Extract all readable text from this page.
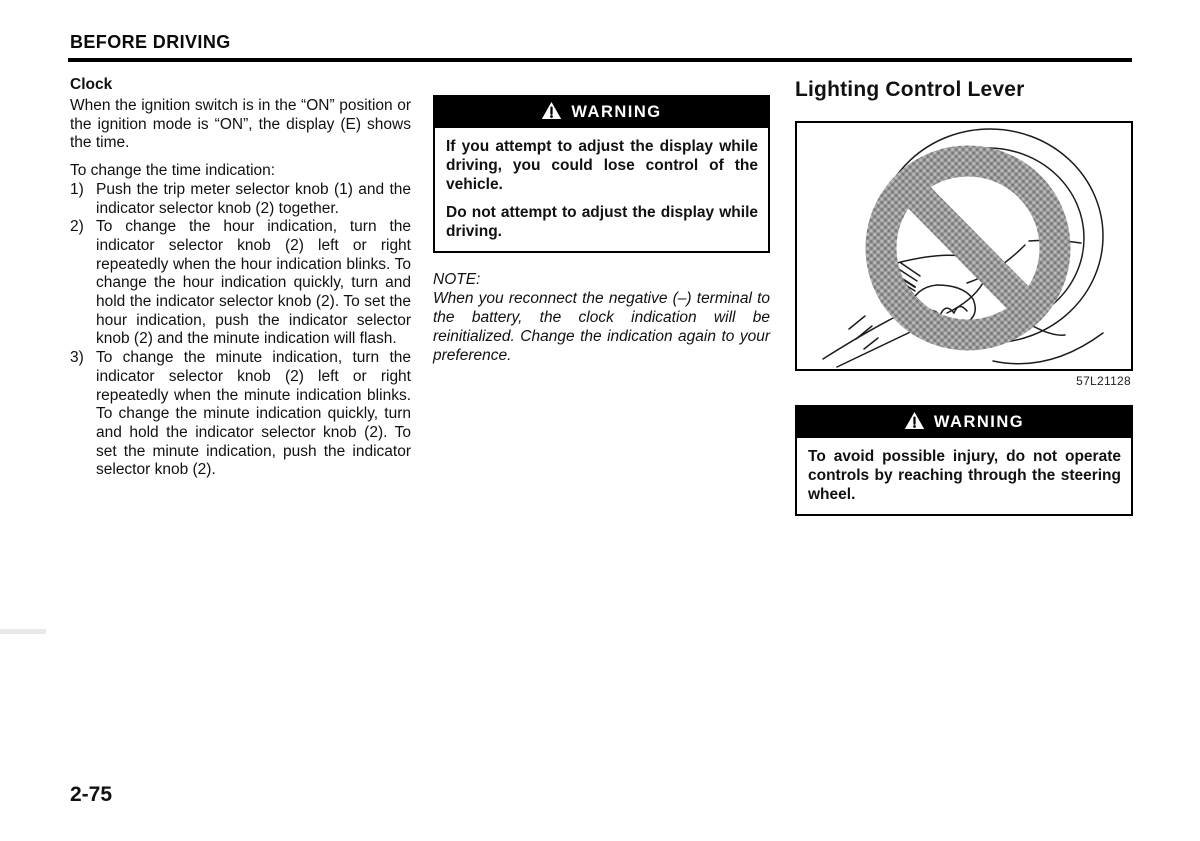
BEFORE DRIVING
Clock

When the ignition switch is in the “ON” position or the ignition mode is “ON”, the display (E) shows the time.

To change the time indication:

1) Push the trip meter selector knob (1) and the indicator selector knob (2) together.
2) To change the hour indication, turn the indicator selector knob (2) left or right repeatedly when the hour indication blinks. To change the hour indication quickly, turn and hold the indicator selector knob (2). To set the hour indication, push the indicator selector knob (2) and the minute indication will flash.
3) To change the minute indication, turn the indicator selector knob (2) left or right repeatedly when the minute indication blinks. To change the minute indication quickly, turn and hold the indicator selector knob (2). To set the minute indication, push the indicator selector knob (2).
WARNING

If you attempt to adjust the display while driving, you could lose control of the vehicle.

Do not attempt to adjust the display while driving.

NOTE:

When you reconnect the negative (–) terminal to the battery, the clock indication will be reinitialized. Change the indication again to your preference.

Lighting Control Lever
57L21128
WARNING

To avoid possible injury, do not operate controls by reaching through the steering wheel.

2-75
